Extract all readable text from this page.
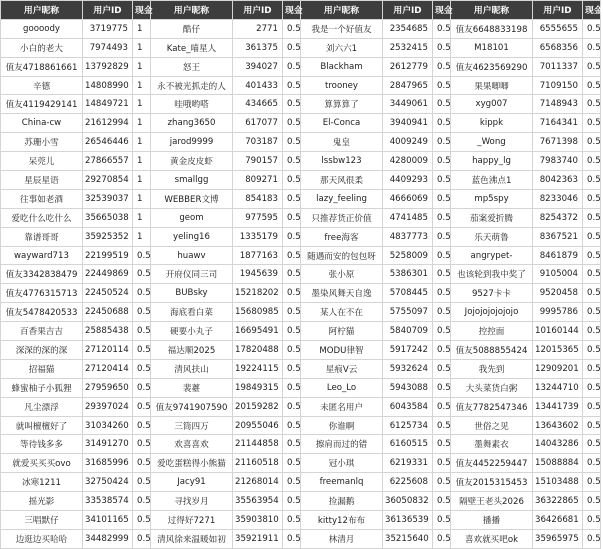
用户昵称	用户ID	现金	用户昵称	用户ID	现金	用户昵称	用户ID	现金	用户昵称	用户ID	现金
goooody	3719775	1	酷仔	2771	0.5	我是一个好值友	2354685	0.5	值友6648833198	6555655	0.5
小白的老大	7974493	1	Kate_喵星人	361375	0.5	刘六六1	2532415	0.5	M18101	6568356	0.5
值友4718861661	13792829	1	怒王	394027	0.5	Blackham	2612779	0.5	值友4623569290	7011337	0.5
辛德	14808990	1	永不被光抓走的人	401433	0.5	trooney	2847965	0.5	果果唧唧	7109150	0.5
值友4119429141	14849721	1	哇哦哟嗒	434665	0.5	算算算了	3449061	0.5	xyg007	7148943	0.5
China-cw	21612994	1	zhang3650	617077	0.5	El-Conca	3940941	0.5	kippk	7164341	0.5
苏珊小雪	26546446	1	jarod9999	703187	0.5	鬼皇	4009249	0.5	_Wong	7671398	0.5
呆莞儿	27866557	1	黄金皮皮虾	790157	0.5	lssbw123	4280009	0.5	happy_lg	7983740	0.5
星辰星语	29270854	1	smallgg	809271	0.5	那天风很柔	4409293	0.5	蓝色沸点1	8042363	0.5
往事如老酒	32539037	1	WEBBER文博	854183	0.5	lazy_feeling	4666069	0.5	mp5spy	8233046	0.5
爱吃什么吃什么	35665038	1	geom	977595	0.5	只推荐货正价值	4741485	0.5	茄案爱折腾	8254372	0.5
靠谱哥哥	35925352	1	yeling16	1335179	0.5	free海客	4837773	0.5	乐天萌鲁	8367521	0.5
wayward713	22199519	0.5	huawv	1877163	0.5	随遇而安的包包呀	5258009	0.5	angrypet-	8461879	0.5
值友3342838479	22449869	0.5	开府仪同三司	1945639	0.5	张小原	5386301	0.5	也该轮到我中奖了	9105004	0.5
值友4776315713	22450524	0.5	BUBsky	15218202	0.5	墨染风舞天自逸	5708445	0.5	9527卡卡	9520458	0.5
值友5478420533	22450688	0.5	海底看白菜	15680985	0.5	某人在不在	5755097	0.5	Jojojojojojojo	9995786	0.5
百香果吉吉	25885438	0.5	硬要小丸子	16695491	0.5	阿柠猫	5840709	0.5	控控面	10160144	0.5
深深的深的深	27120114	0.5	福达顺2025	17820488	0.5	MODU律智	5917242	0.5	值友5088855424	12015365	0.5
招福猫	27120414	0.5	清风扶山	19224115	0.5	星痕V云	5932624	0.5	我先到	12909201	0.5
蜂蜜柚子小狐狸	27959650	0.5	裴薹	19849315	0.5	Leo_Lo	5943088	0.5	大头菜货白粥	13244710	0.5
凡尘漂浮	29397024	0.5	值友9741907590	20159282	0.5	未匿名用户	6043584	0.5	值友7782547346	13441739	0.5
就叫檀檀好了	31034260	0.5	三筒四万	20955046	0.5	你谁啊	6125734	0.5	世俗之见	13643602	0.5
等待钱多多	31491270	0.5	欢喜喜欢	21144858	0.5	擦肩而过的错	6160515	0.5	墨舞素衣	14043286	0.5
就爱买买买ovo	31685996	0.5	爱吃蛋糕得小熊猫	21160518	0.5	冠小琪	6219331	0.5	值友4452259447	15088884	0.5
冰寒1211	32750424	0.5	Jacy91	21268014	0.5	freemanlq	6225608	0.5	值友2015315453	15103488	0.5
摇光影	33538574	0.5	寻找岁月	35563954	0.5	捡漏鹅	36050832	0.5	隔壁王老头2026	36322865	0.5
三唱默仔	34101165	0.5	过得好7271	35903810	0.5	kitty12布布	36136539	0.5	播播	36426681	0.5
边逛边买哈哈	34482999	0.5	清风徐来温暖如初	35921911	0.5	林清月	35215640	0.5	喜欢就买吧ok	35965975	0.5
